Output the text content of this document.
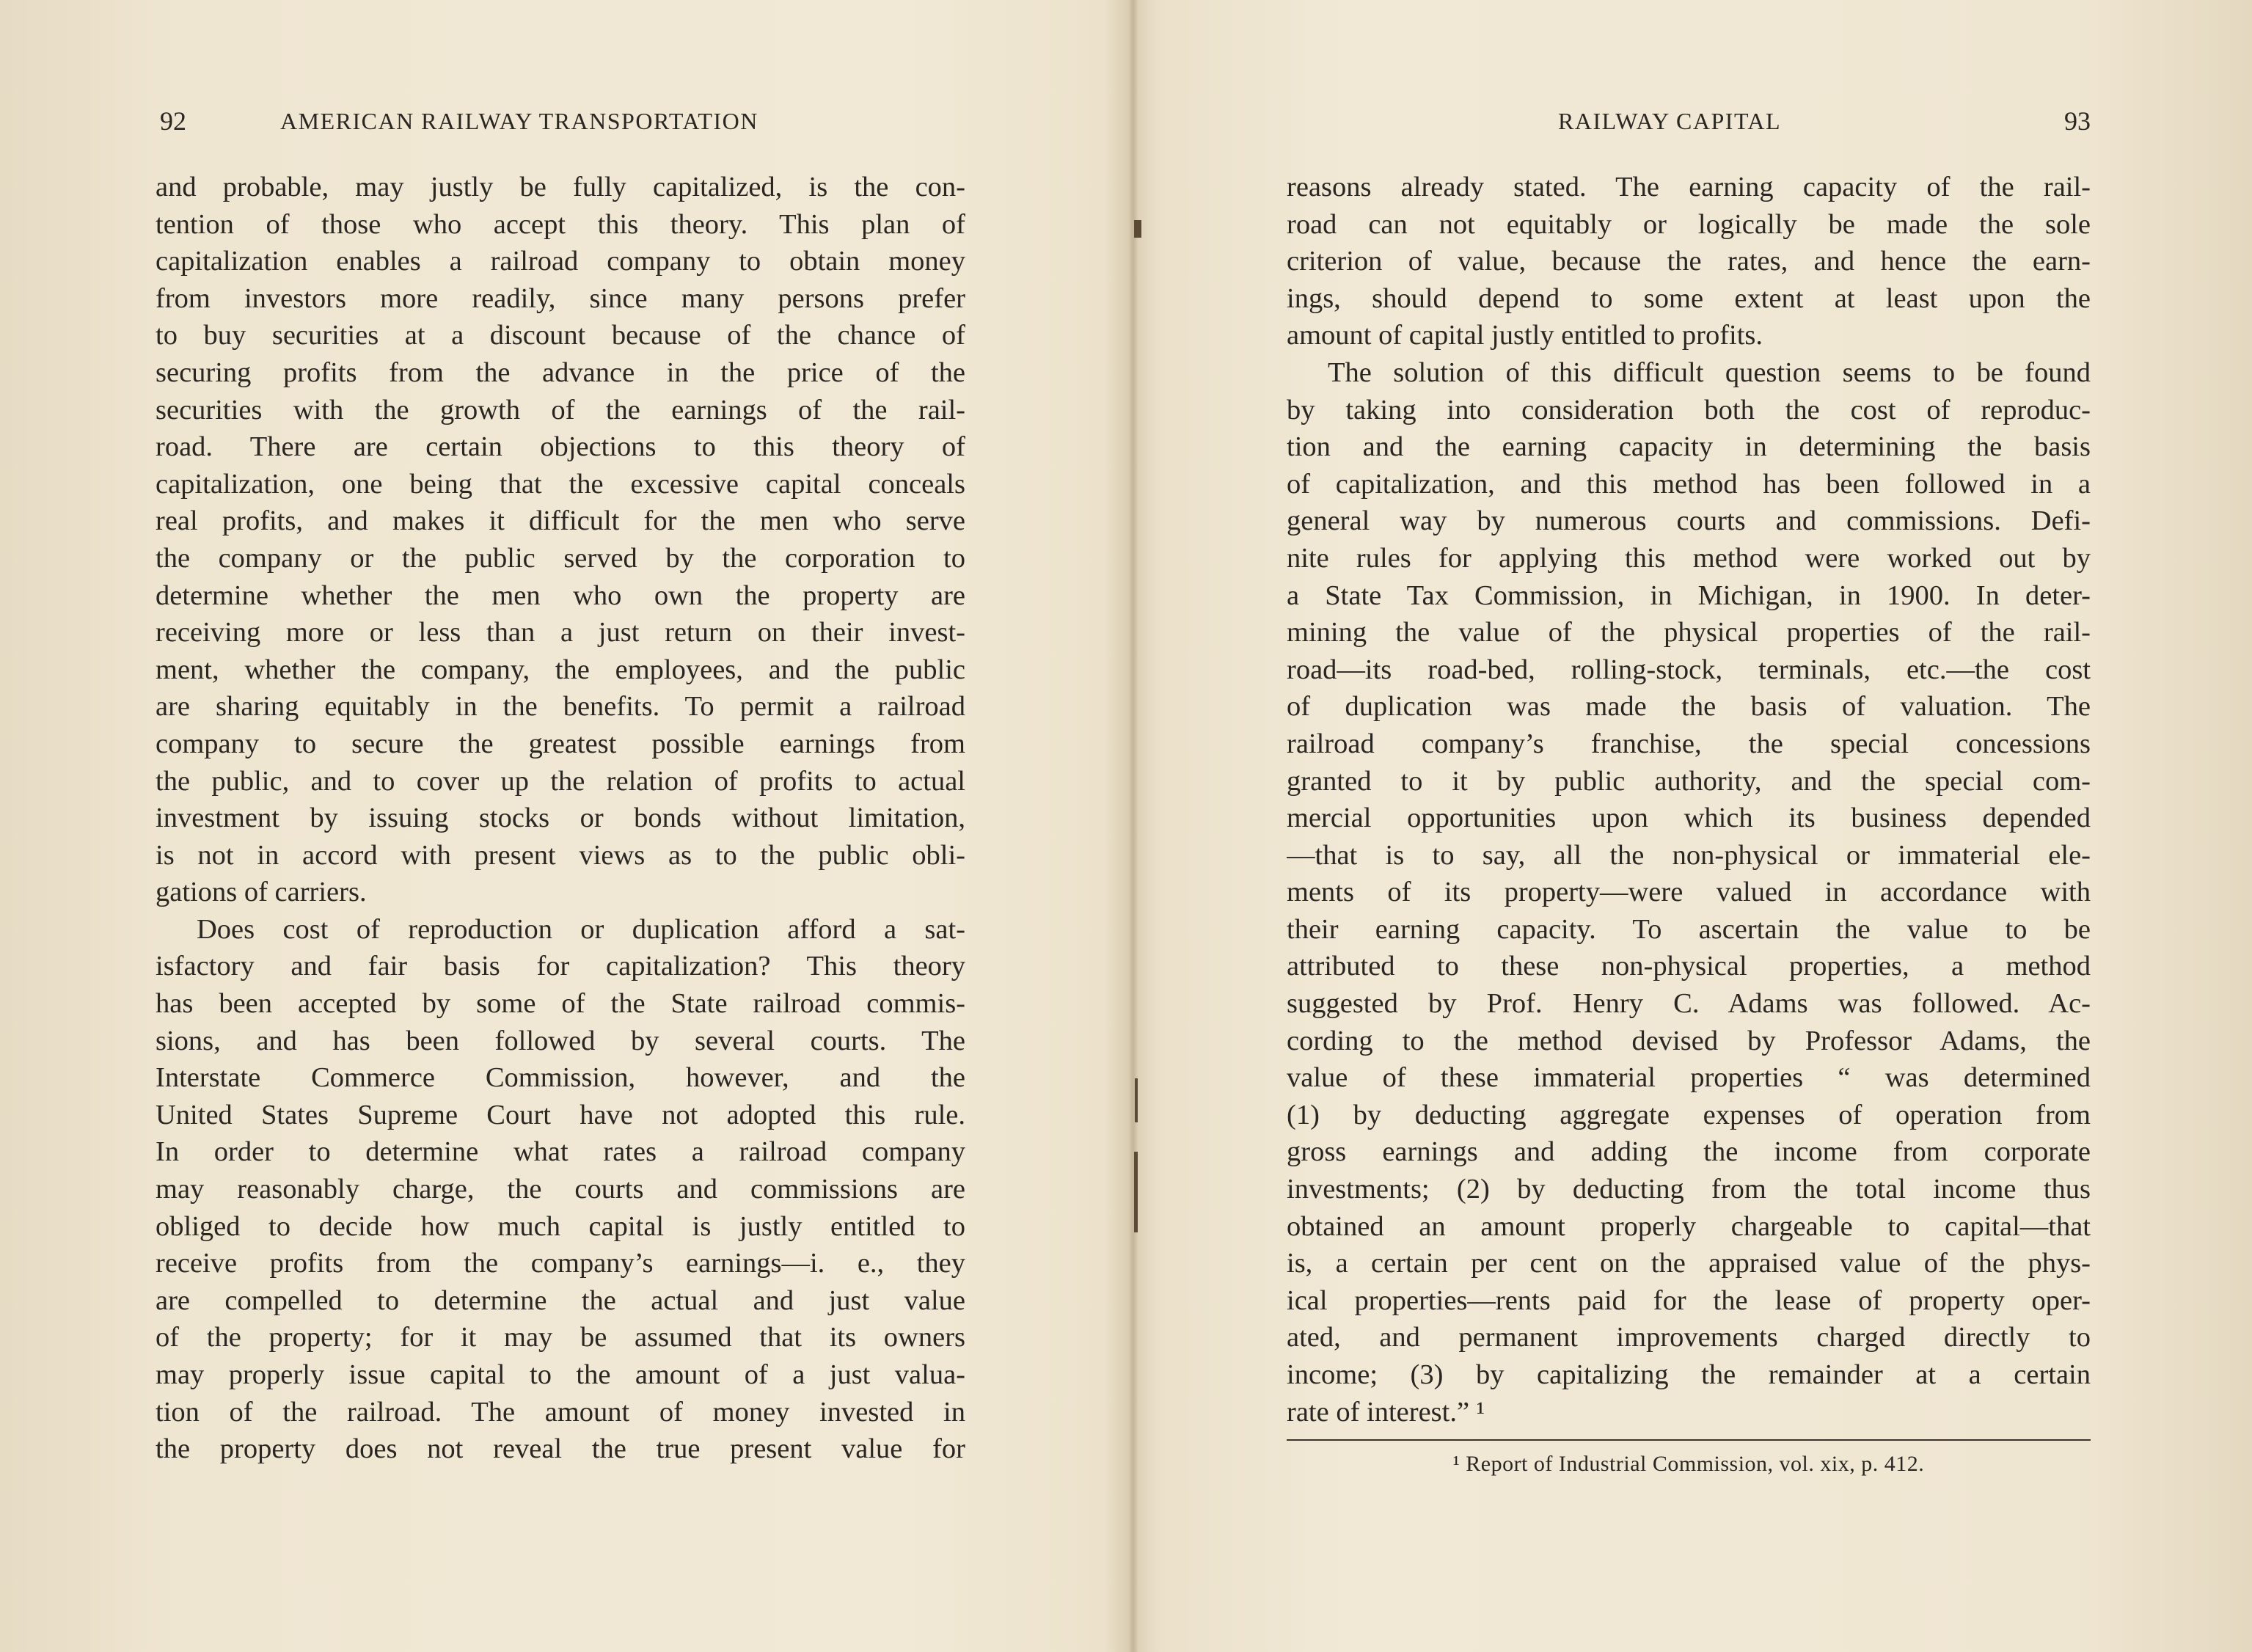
92	AMERICAN RAILWAY TRANSPORTATION
and probable, may justly be fully capitalized, is the con-
tention of those who accept this theory. This plan of
capitalization enables a railroad company to obtain money
from investors more readily, since many persons prefer
to buy securities at a discount because of the chance of
securing profits from the advance in the price of the
securities with the growth of the earnings of the rail-
road. There are certain objections to this theory of
capitalization, one being that the excessive capital conceals
real profits, and makes it difficult for the men who serve
the company or the public served by the corporation to
determine whether the men who own the property are
receiving more or less than a just return on their invest-
ment, whether the company, the employees, and the public
are sharing equitably in the benefits. To permit a railroad
company to secure the greatest possible earnings from
the public, and to cover up the relation of profits to actual
investment by issuing stocks or bonds without limitation,
is not in accord with present views as to the public obli-
gations of carriers.
Does cost of reproduction or duplication afford a sat-
isfactory and fair basis for capitalization? This theory
has been accepted by some of the State railroad commis-
sions, and has been followed by several courts. The
Interstate Commerce Commission, however, and the
United States Supreme Court have not adopted this rule.
In order to determine what rates a railroad company
may reasonably charge, the courts and commissions are
obliged to decide how much capital is justly entitled to
receive profits from the company’s earnings—i. e., they
are compelled to determine the actual and just value
of the property; for it may be assumed that its owners
may properly issue capital to the amount of a just valua-
tion of the railroad. The amount of money invested in
the property does not reveal the true present value for
RAILWAY CAPITAL	93
reasons already stated. The earning capacity of the rail-
road can not equitably or logically be made the sole
criterion of value, because the rates, and hence the earn-
ings, should depend to some extent at least upon the
amount of capital justly entitled to profits.
The solution of this difficult question seems to be found
by taking into consideration both the cost of reproduc-
tion and the earning capacity in determining the basis
of capitalization, and this method has been followed in a
general way by numerous courts and commissions. Defi-
nite rules for applying this method were worked out by
a State Tax Commission, in Michigan, in 1900. In deter-
mining the value of the physical properties of the rail-
road—its road-bed, rolling-stock, terminals, etc.—the cost
of duplication was made the basis of valuation. The
railroad company’s franchise, the special concessions
granted to it by public authority, and the special com-
mercial opportunities upon which its business depended
—that is to say, all the non-physical or immaterial ele-
ments of its property—were valued in accordance with
their earning capacity. To ascertain the value to be
attributed to these non-physical properties, a method
suggested by Prof. Henry C. Adams was followed. Ac-
cording to the method devised by Professor Adams, the
value of these immaterial properties “ was determined
(1) by deducting aggregate expenses of operation from
gross earnings and adding the income from corporate
investments; (2) by deducting from the total income thus
obtained an amount properly chargeable to capital—that
is, a certain per cent on the appraised value of the phys-
ical properties—rents paid for the lease of property oper-
ated, and permanent improvements charged directly to
income; (3) by capitalizing the remainder at a certain
rate of interest.” ¹
¹ Report of Industrial Commission, vol. xix, p. 412.
